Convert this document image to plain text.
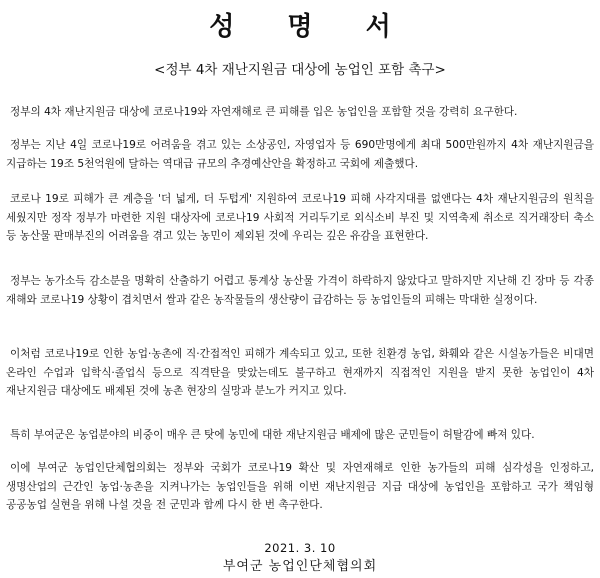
성 명 서
<정부 4차 재난지원금 대상에 농업인 포함 촉구>

정부의 4차 재난지원금 대상에 코로나19와 자연재해로 큰 피해를 입은 농업인을 포함할 것을 강력히 요구한다.

정부는 지난 4일 코로나19로 어려움을 겪고 있는 소상공인, 자영업자 등 690만명에게 최대 500만원까지 4차 재난지원금을 지급하는 19조 5천억원에 달하는 역대급 규모의 추경예산안을 확정하고 국회에 제출했다.

코로나 19로 피해가 큰 계층을 '더 넓게, 더 두텁게' 지원하여 코로나19 피해 사각지대를 없앤다는 4차 재난지원금의 원칙을 세웠지만 정작 정부가 마련한 지원 대상자에 코로나19 사회적 거리두기로 외식소비 부진 및 지역축제 취소로 직거래장터 축소 등 농산물 판매부진의 어려움을 겪고 있는 농민이 제외된 것에 우리는 깊은 유감을 표현한다.

정부는 농가소득 감소분을 명확히 산출하기 어렵고 통계상 농산물 가격이 하락하지 않았다고 말하지만 지난해 긴 장마 등 각종 재해와 코로나19 상황이 겹치면서 쌀과 같은 농작물들의 생산량이 급감하는 등 농업인들의 피해는 막대한 실정이다.

이처럼 코로나19로 인한 농업·농촌에 직·간접적인 피해가 계속되고 있고, 또한 친환경 농업, 화훼와 같은 시설농가들은 비대면 온라인 수업과 입학식·졸업식 등으로 직격탄을 맞았는데도 불구하고 현재까지 직접적인 지원을 받지 못한 농업인이 4차 재난지원금 대상에도 배제된 것에 농촌 현장의 실망과 분노가 커지고 있다.

특히 부여군은 농업분야의 비중이 매우 큰 탓에 농민에 대한 재난지원금 배제에 많은 군민들이 허탈감에 빠져 있다.

이에 부여군 농업인단체협의회는 정부와 국회가 코로나19 확산 및 자연재해로 인한 농가들의 피해 심각성을 인정하고, 생명산업의 근간인 농업·농촌을 지켜나가는 농업인들을 위해 이번 재난지원금 지급 대상에 농업인을 포함하고 국가 책임형 공공농업 실현을 위해 나설 것을 전 군민과 함께 다시 한 번 촉구한다.

2021. 3. 10
부여군 농업인단체협의회
